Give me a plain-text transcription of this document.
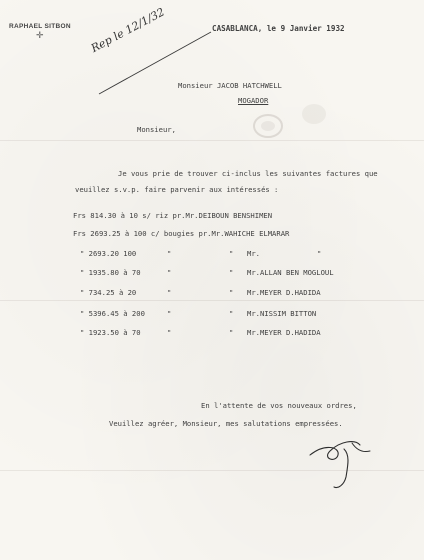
RAPHAEL SITBON
✛	Rep le 12/1/32	CASABLANCA, le 9 Janvier 1932
Monsieur JACOB HATCHWELL
MOGADOR
Monsieur,
Je vous prie de trouver ci-inclus les suivantes factures que
veuillez s.v.p. faire parvenir aux intéressés :
Frs 814.30 à 10 s/ riz pr.Mr.DEIBOUN BENSHIMEN
Frs 2693.25 à 100 c/ bougies pr.Mr.WAHICHE ELMARAR
" 2693.20 100	"	" Mr.	"
" 1935.80 à 70	"	" Mr.ALLAN BEN MOGLOUL
" 734.25 à 20	"	" Mr.MEYER D.HADIDA
" 5396.45 à 200	"	" Mr.NISSIM BITTON
" 1923.50 à 70	"	" Mr.MEYER D.HADIDA
En l'attente de vos nouveaux ordres,
Veuillez agréer, Monsieur, mes salutations empressées.
